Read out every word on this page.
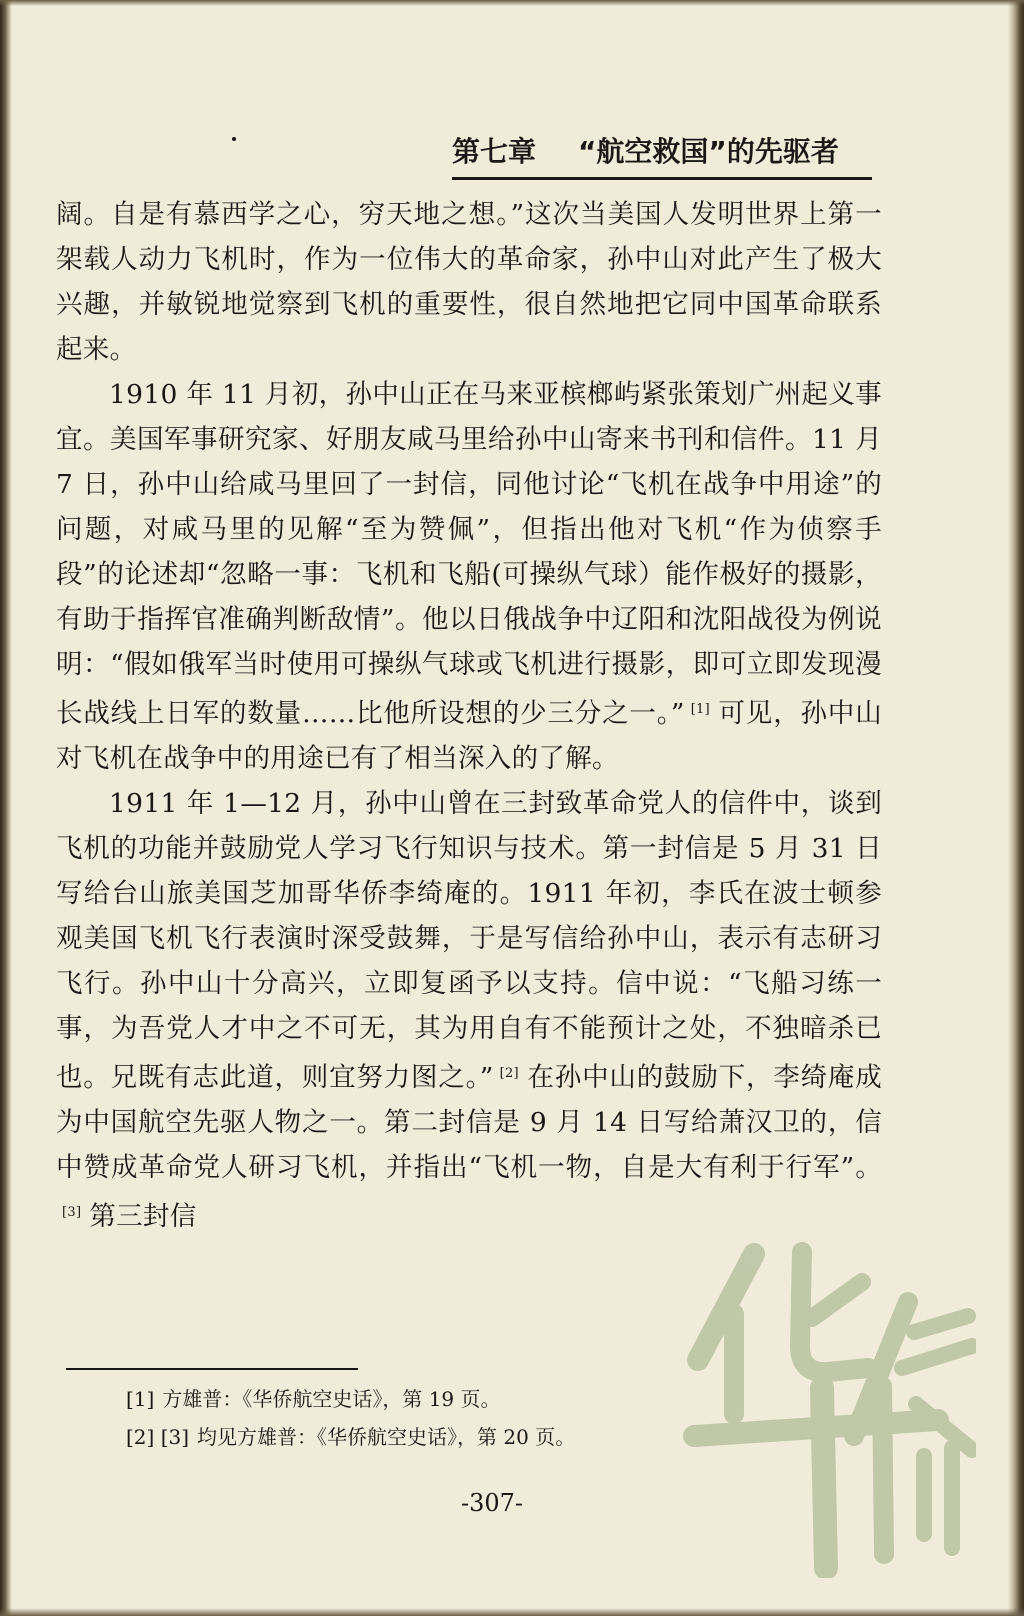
第七章 “航空救国”的先驱者

阔。自是有慕西学之心，穷天地之想。”这次当美国人发明世界上第一架载人动力飞机时，作为一位伟大的革命家，孙中山对此产生了极大兴趣，并敏锐地觉察到飞机的重要性，很自然地把它同中国革命联系起来。

1910 年 11 月初，孙中山正在马来亚槟榔屿紧张策划广州起义事宜。美国军事研究家、好朋友咸马里给孙中山寄来书刊和信件。11 月 7 日，孙中山给咸马里回了一封信，同他讨论“飞机在战争中用途”的问题，对咸马里的见解“至为赞佩”，但指出他对飞机“作为侦察手段”的论述却“忽略一事：飞机和飞船(可操纵气球）能作极好的摄影，有助于指挥官准确判断敌情”。他以日俄战争中辽阳和沈阳战役为例说明：“假如俄军当时使用可操纵气球或飞机进行摄影，即可立即发现漫长战线上日军的数量……比他所设想的少三分之一。” [1] 可见，孙中山对飞机在战争中的用途已有了相当深入的了解。

1911 年 1—12 月，孙中山曾在三封致革命党人的信件中，谈到飞机的功能并鼓励党人学习飞行知识与技术。第一封信是 5 月 31 日写给台山旅美国芝加哥华侨李绮庵的。1911 年初，李氏在波士顿参观美国飞机飞行表演时深受鼓舞，于是写信给孙中山，表示有志研习飞行。孙中山十分高兴，立即复函予以支持。信中说：“飞船习练一事，为吾党人才中之不可无，其为用自有不能预计之处，不独暗杀已也。兄既有志此道，则宜努力图之。” [2] 在孙中山的鼓励下，李绮庵成为中国航空先驱人物之一。第二封信是 9 月 14 日写给萧汉卫的，信中赞成革命党人研习飞机，并指出“飞机一物，自是大有利于行军”。[3] 第三封信

[1] 方雄普：《华侨航空史话》，第 19 页。
[2] [3] 均见方雄普：《华侨航空史话》，第 20 页。
-307-
